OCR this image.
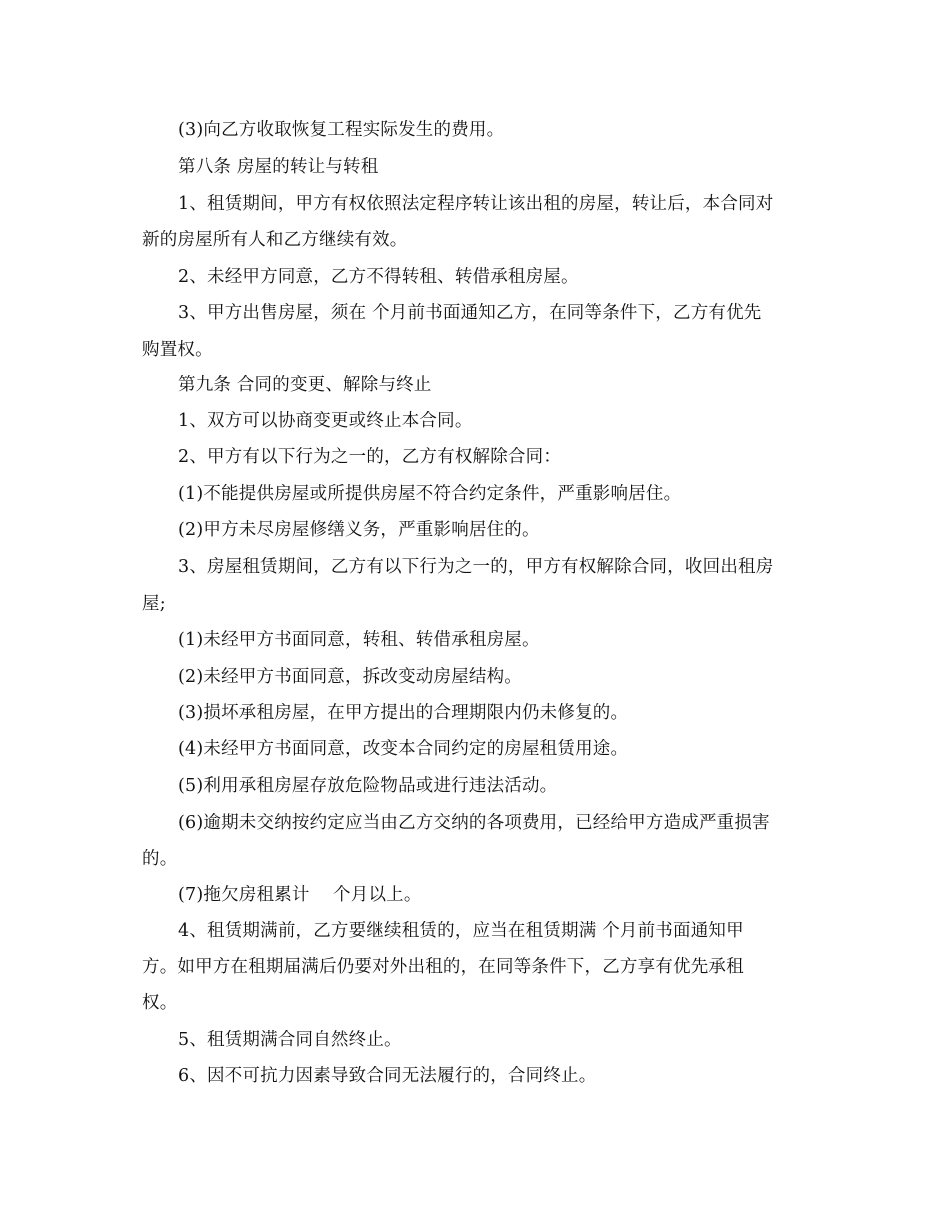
(3)向乙方收取恢复工程实际发生的费用。
第八条 房屋的转让与转租
1、租赁期间，甲方有权依照法定程序转让该出租的房屋，转让后，本合同对
新的房屋所有人和乙方继续有效。
2、未经甲方同意，乙方不得转租、转借承租房屋。
3、甲方出售房屋，须在 个月前书面通知乙方，在同等条件下，乙方有优先
购置权。
第九条 合同的变更、解除与终止
1、双方可以协商变更或终止本合同。
2、甲方有以下行为之一的，乙方有权解除合同：
(1)不能提供房屋或所提供房屋不符合约定条件，严重影响居住。
(2)甲方未尽房屋修缮义务，严重影响居住的。
3、房屋租赁期间，乙方有以下行为之一的，甲方有权解除合同，收回出租房
屋;
(1)未经甲方书面同意，转租、转借承租房屋。
(2)未经甲方书面同意，拆改变动房屋结构。
(3)损坏承租房屋，在甲方提出的合理期限内仍未修复的。
(4)未经甲方书面同意，改变本合同约定的房屋租赁用途。
(5)利用承租房屋存放危险物品或进行违法活动。
(6)逾期未交纳按约定应当由乙方交纳的各项费用，已经给甲方造成严重损害
的。
(7)拖欠房租累计　 个月以上。
4、租赁期满前，乙方要继续租赁的，应当在租赁期满 个月前书面通知甲
方。如甲方在租期届满后仍要对外出租的，在同等条件下，乙方享有优先承租
权。
5、租赁期满合同自然终止。
6、因不可抗力因素导致合同无法履行的，合同终止。
